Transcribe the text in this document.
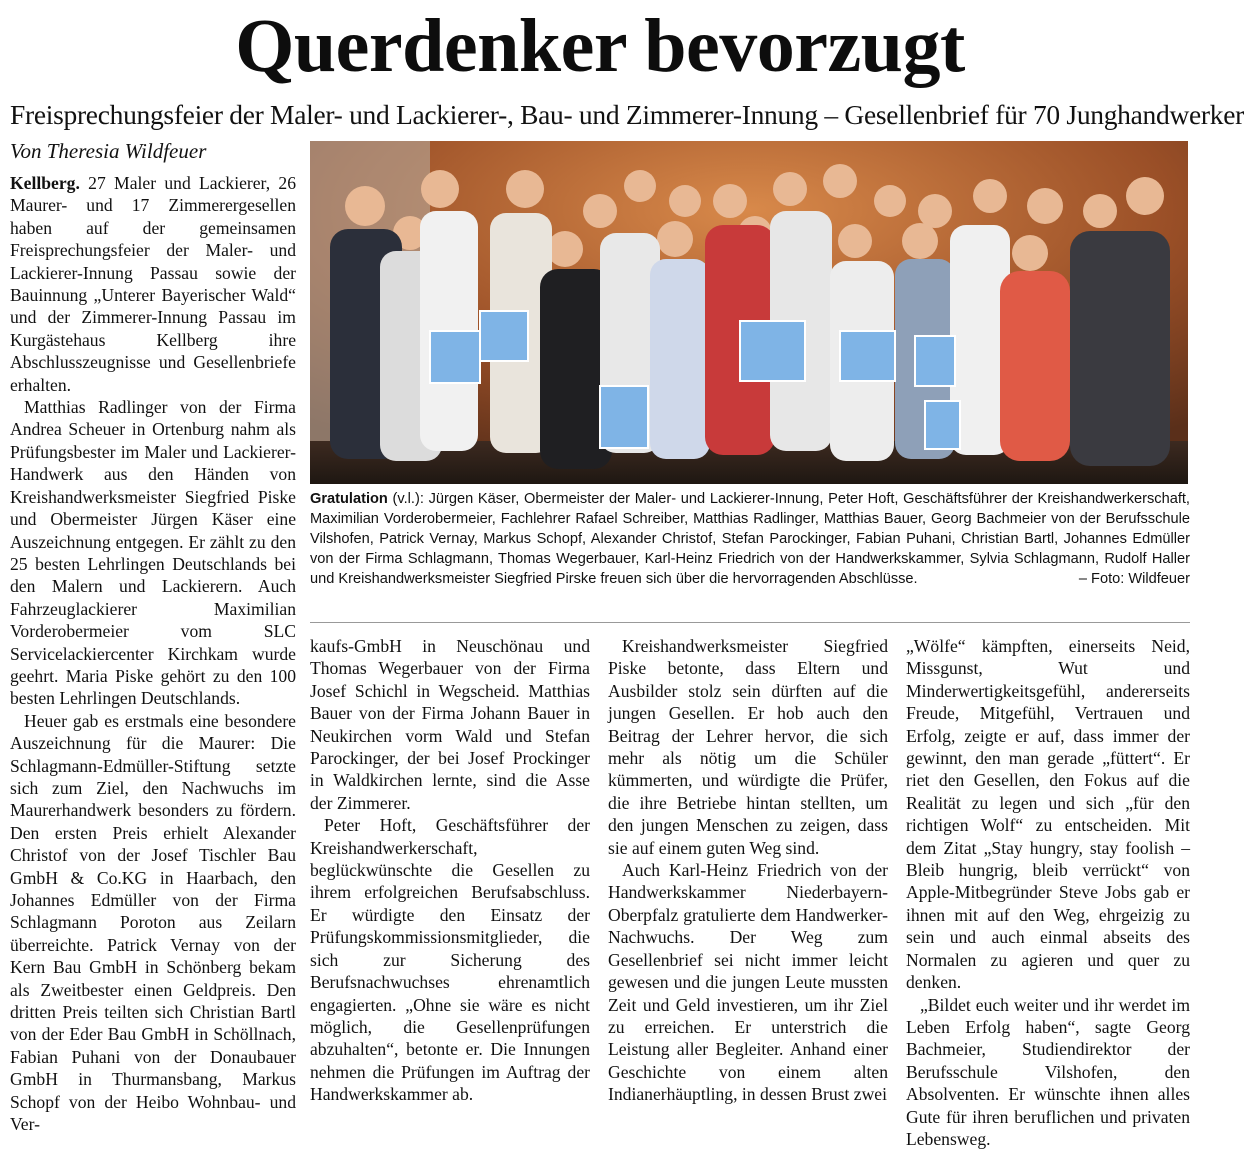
Querdenker bevorzugt
Freisprechungsfeier der Maler- und Lackierer-, Bau- und Zimmerer-Innung – Gesellenbrief für 70 Junghandwerker
Von Theresia Wildfeuer

Kellberg. 27 Maler und Lackierer, 26 Maurer- und 17 Zimmerergesellen haben auf der gemeinsamen Freisprechungsfeier der Maler- und Lackierer-Innung Passau sowie der Bauinnung „Unterer Bayerischer Wald“ und der Zimmerer-Innung Passau im Kurgästehaus Kellberg ihre Abschlusszeugnisse und Gesellenbriefe erhalten.

Matthias Radlinger von der Firma Andrea Scheuer in Ortenburg nahm als Prüfungsbester im Maler und Lackierer-Handwerk aus den Händen von Kreishandwerksmeister Siegfried Piske und Obermeister Jürgen Käser eine Auszeichnung entgegen. Er zählt zu den 25 besten Lehrlingen Deutschlands bei den Malern und Lackierern. Auch Fahrzeuglackierer Maximilian Vorderobermeier vom SLC Servicelackiercenter Kirchkam wurde geehrt. Maria Piske gehört zu den 100 besten Lehrlingen Deutschlands.

Heuer gab es erstmals eine besondere Auszeichnung für die Maurer: Die Schlagmann-Edmüller-Stiftung setzte sich zum Ziel, den Nachwuchs im Maurerhandwerk besonders zu fördern. Den ersten Preis erhielt Alexander Christof von der Josef Tischler Bau GmbH & Co.KG in Haarbach, den Johannes Edmüller von der Firma Schlagmann Poroton aus Zeilarn überreichte. Patrick Vernay von der Kern Bau GmbH in Schönberg bekam als Zweitbester einen Geldpreis. Den dritten Preis teilten sich Christian Bartl von der Eder Bau GmbH in Schöllnach, Fabian Puhani von der Donaubauer GmbH in Thurmansbang, Markus Schopf von der Heibo Wohnbau- und Ver-

Gratulation (v.l.): Jürgen Käser, Obermeister der Maler- und Lackierer-Innung, Peter Hoft, Geschäftsführer der Kreishandwerkerschaft, Maximilian Vorderobermeier, Fachlehrer Rafael Schreiber, Matthias Radlinger, Matthias Bauer, Georg Bachmeier von der Berufsschule Vilshofen, Patrick Vernay, Markus Schopf, Alexander Christof, Stefan Parockinger, Fabian Puhani, Christian Bartl, Johannes Edmüller von der Firma Schlagmann, Thomas Wegerbauer, Karl-Heinz Friedrich von der Handwerkskammer, Sylvia Schlagmann, Rudolf Haller und Kreishandwerksmeister Siegfried Pirske freuen sich über die hervorragenden Abschlüsse.	– Foto: Wildfeuer

kaufs-GmbH in Neuschönau und Thomas Wegerbauer von der Firma Josef Schichl in Wegscheid. Matthias Bauer von der Firma Johann Bauer in Neukirchen vorm Wald und Stefan Parockinger, der bei Josef Prockinger in Waldkirchen lernte, sind die Asse der Zimmerer.

Peter Hoft, Geschäftsführer der Kreishandwerkerschaft, beglückwünschte die Gesellen zu ihrem erfolgreichen Berufsabschluss. Er würdigte den Einsatz der Prüfungskommissionsmitglieder, die sich zur Sicherung des Berufsnachwuchses ehrenamtlich engagierten. „Ohne sie wäre es nicht möglich, die Gesellenprüfungen abzuhalten“, betonte er. Die Innungen nehmen die Prüfungen im Auftrag der Handwerkskammer ab.

Kreishandwerksmeister Siegfried Piske betonte, dass Eltern und Ausbilder stolz sein dürften auf die jungen Gesellen. Er hob auch den Beitrag der Lehrer hervor, die sich mehr als nötig um die Schüler kümmerten, und würdigte die Prüfer, die ihre Betriebe hintan stellten, um den jungen Menschen zu zeigen, dass sie auf einem guten Weg sind.

Auch Karl-Heinz Friedrich von der Handwerkskammer Niederbayern-Oberpfalz gratulierte dem Handwerker-Nachwuchs. Der Weg zum Gesellenbrief sei nicht immer leicht gewesen und die jungen Leute mussten Zeit und Geld investieren, um ihr Ziel zu erreichen. Er unterstrich die Leistung aller Begleiter. Anhand einer Geschichte von einem alten Indianerhäuptling, in dessen Brust zwei

„Wölfe“ kämpften, einerseits Neid, Missgunst, Wut und Minderwertigkeitsgefühl, andererseits Freude, Mitgefühl, Vertrauen und Erfolg, zeigte er auf, dass immer der gewinnt, den man gerade „füttert“. Er riet den Gesellen, den Fokus auf die Realität zu legen und sich „für den richtigen Wolf“ zu entscheiden. Mit dem Zitat „Stay hungry, stay foolish – Bleib hungrig, bleib verrückt“ von Apple-Mitbegründer Steve Jobs gab er ihnen mit auf den Weg, ehrgeizig zu sein und auch einmal abseits des Normalen zu agieren und quer zu denken.

„Bildet euch weiter und ihr werdet im Leben Erfolg haben“, sagte Georg Bachmeier, Studiendirektor der Berufsschule Vilshofen, den Absolventen. Er wünschte ihnen alles Gute für ihren beruflichen und privaten Lebensweg.
